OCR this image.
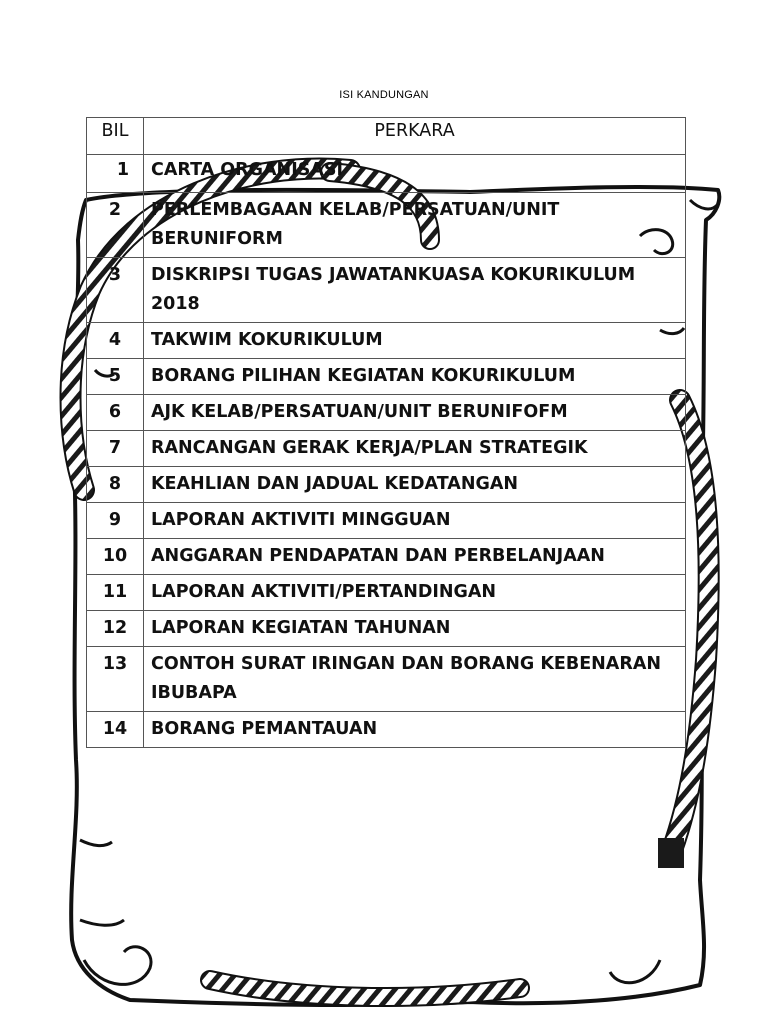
ISI KANDUNGAN
BIL	PERKARA
1	CARTA ORGANISASI
2	PERLEMBAGAAN KELAB/PERSATUAN/UNIT BERUNIFORM
3	DISKRIPSI TUGAS JAWATANKUASA KOKURIKULUM 2018
4	TAKWIM KOKURIKULUM
5	BORANG PILIHAN KEGIATAN KOKURIKULUM
6	AJK KELAB/PERSATUAN/UNIT BERUNIFOFM
7	RANCANGAN GERAK KERJA/PLAN STRATEGIK
8	KEAHLIAN DAN JADUAL KEDATANGAN
9	LAPORAN AKTIVITI MINGGUAN
10	ANGGARAN PENDAPATAN DAN PERBELANJAAN
11	LAPORAN AKTIVITI/PERTANDINGAN
12	LAPORAN KEGIATAN TAHUNAN
13	CONTOH SURAT IRINGAN DAN BORANG KEBENARAN IBUBAPA
14	BORANG PEMANTAUAN
